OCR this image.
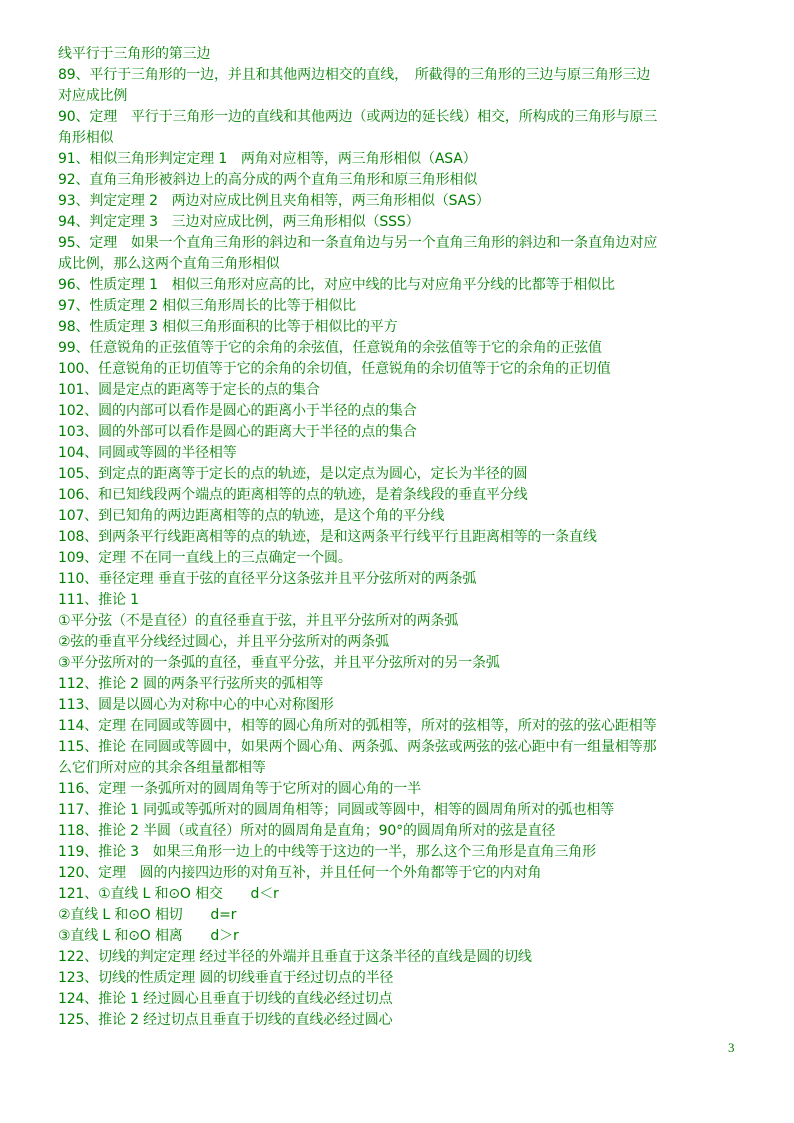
线平行于三角形的第三边
89、平行于三角形的一边，并且和其他两边相交的直线，　所截得的三角形的三边与原三角形三边
对应成比例
90、定理　平行于三角形一边的直线和其他两边（或两边的延长线）相交，所构成的三角形与原三
角形相似
91、相似三角形判定定理 1　两角对应相等，两三角形相似（ASA）
92、直角三角形被斜边上的高分成的两个直角三角形和原三角形相似
93、判定定理 2　两边对应成比例且夹角相等，两三角形相似（SAS）
94、判定定理 3　三边对应成比例，两三角形相似（SSS）
95、定理　如果一个直角三角形的斜边和一条直角边与另一个直角三角形的斜边和一条直角边对应
成比例，那么这两个直角三角形相似
96、性质定理 1　相似三角形对应高的比，对应中线的比与对应角平分线的比都等于相似比
97、性质定理 2 相似三角形周长的比等于相似比
98、性质定理 3 相似三角形面积的比等于相似比的平方
99、任意锐角的正弦值等于它的余角的余弦值，任意锐角的余弦值等于它的余角的正弦值
100、任意锐角的正切值等于它的余角的余切值，任意锐角的余切值等于它的余角的正切值
101、圆是定点的距离等于定长的点的集合
102、圆的内部可以看作是圆心的距离小于半径的点的集合
103、圆的外部可以看作是圆心的距离大于半径的点的集合
104、同圆或等圆的半径相等
105、到定点的距离等于定长的点的轨迹，是以定点为圆心，定长为半径的圆
106、和已知线段两个端点的距离相等的点的轨迹，是着条线段的垂直平分线
107、到已知角的两边距离相等的点的轨迹，是这个角的平分线
108、到两条平行线距离相等的点的轨迹，是和这两条平行线平行且距离相等的一条直线
109、定理 不在同一直线上的三点确定一个圆。
110、垂径定理 垂直于弦的直径平分这条弦并且平分弦所对的两条弧
111、推论 1
①平分弦（不是直径）的直径垂直于弦，并且平分弦所对的两条弧
②弦的垂直平分线经过圆心，并且平分弦所对的两条弧
③平分弦所对的一条弧的直径，垂直平分弦，并且平分弦所对的另一条弧
112、推论 2 圆的两条平行弦所夹的弧相等
113、圆是以圆心为对称中心的中心对称图形
114、定理 在同圆或等圆中，相等的圆心角所对的弧相等，所对的弦相等，所对的弦的弦心距相等
115、推论 在同圆或等圆中，如果两个圆心角、两条弧、两条弦或两弦的弦心距中有一组量相等那
么它们所对应的其余各组量都相等
116、定理 一条弧所对的圆周角等于它所对的圆心角的一半
117、推论 1 同弧或等弧所对的圆周角相等；同圆或等圆中，相等的圆周角所对的弧也相等
118、推论 2 半圆（或直径）所对的圆周角是直角；90°的圆周角所对的弦是直径
119、推论 3　如果三角形一边上的中线等于这边的一半，那么这个三角形是直角三角形
120、定理　圆的内接四边形的对角互补，并且任何一个外角都等于它的内对角
121、①直线 L 和⊙O 相交　　d＜r
②直线 L 和⊙O 相切　　d=r
③直线 L 和⊙O 相离　　d＞r
122、切线的判定定理 经过半径的外端并且垂直于这条半径的直线是圆的切线
123、切线的性质定理 圆的切线垂直于经过切点的半径
124、推论 1 经过圆心且垂直于切线的直线必经过切点
125、推论 2 经过切点且垂直于切线的直线必经过圆心
3
